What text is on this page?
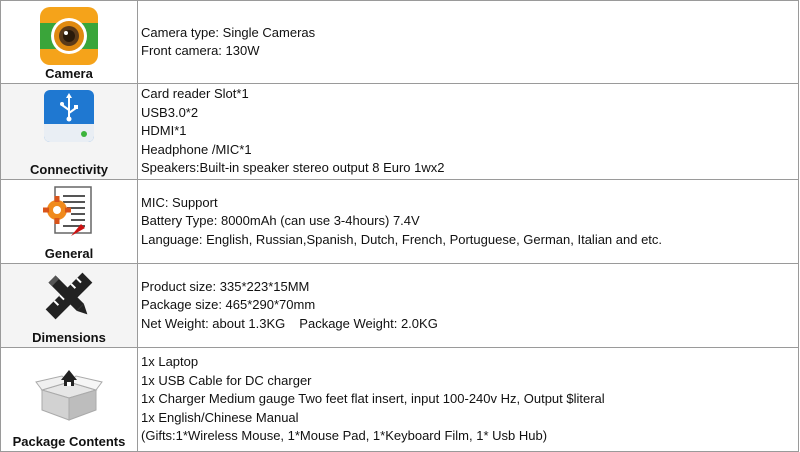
Camera	Camera type: Single Cameras
Front camera: 130W

Connectivity	Card reader Slot*1
USB3.0*2
HDMI*1
Headphone /MIC*1
Speakers:Built-in speaker stereo output 8 Euro 1wx2

General	MIC: Support
Battery Type: 8000mAh (can use 3-4hours) 7.4V
Language: English, Russian,Spanish, Dutch, French, Portuguese, German, Italian and etc.

Dimensions	Product size: 335*223*15MM
Package size: 465*290*70mm
Net Weight: about 1.3KG Package Weight: 2.0KG

Package Contents	1x Laptop
1x USB Cable for DC charger
1x Charger Medium gauge Two feet flat insert, input 100-240v Hz, Output $literal
1x English/Chinese Manual
(Gifts:1*Wireless Mouse, 1*Mouse Pad, 1*Keyboard Film, 1* Usb Hub)
